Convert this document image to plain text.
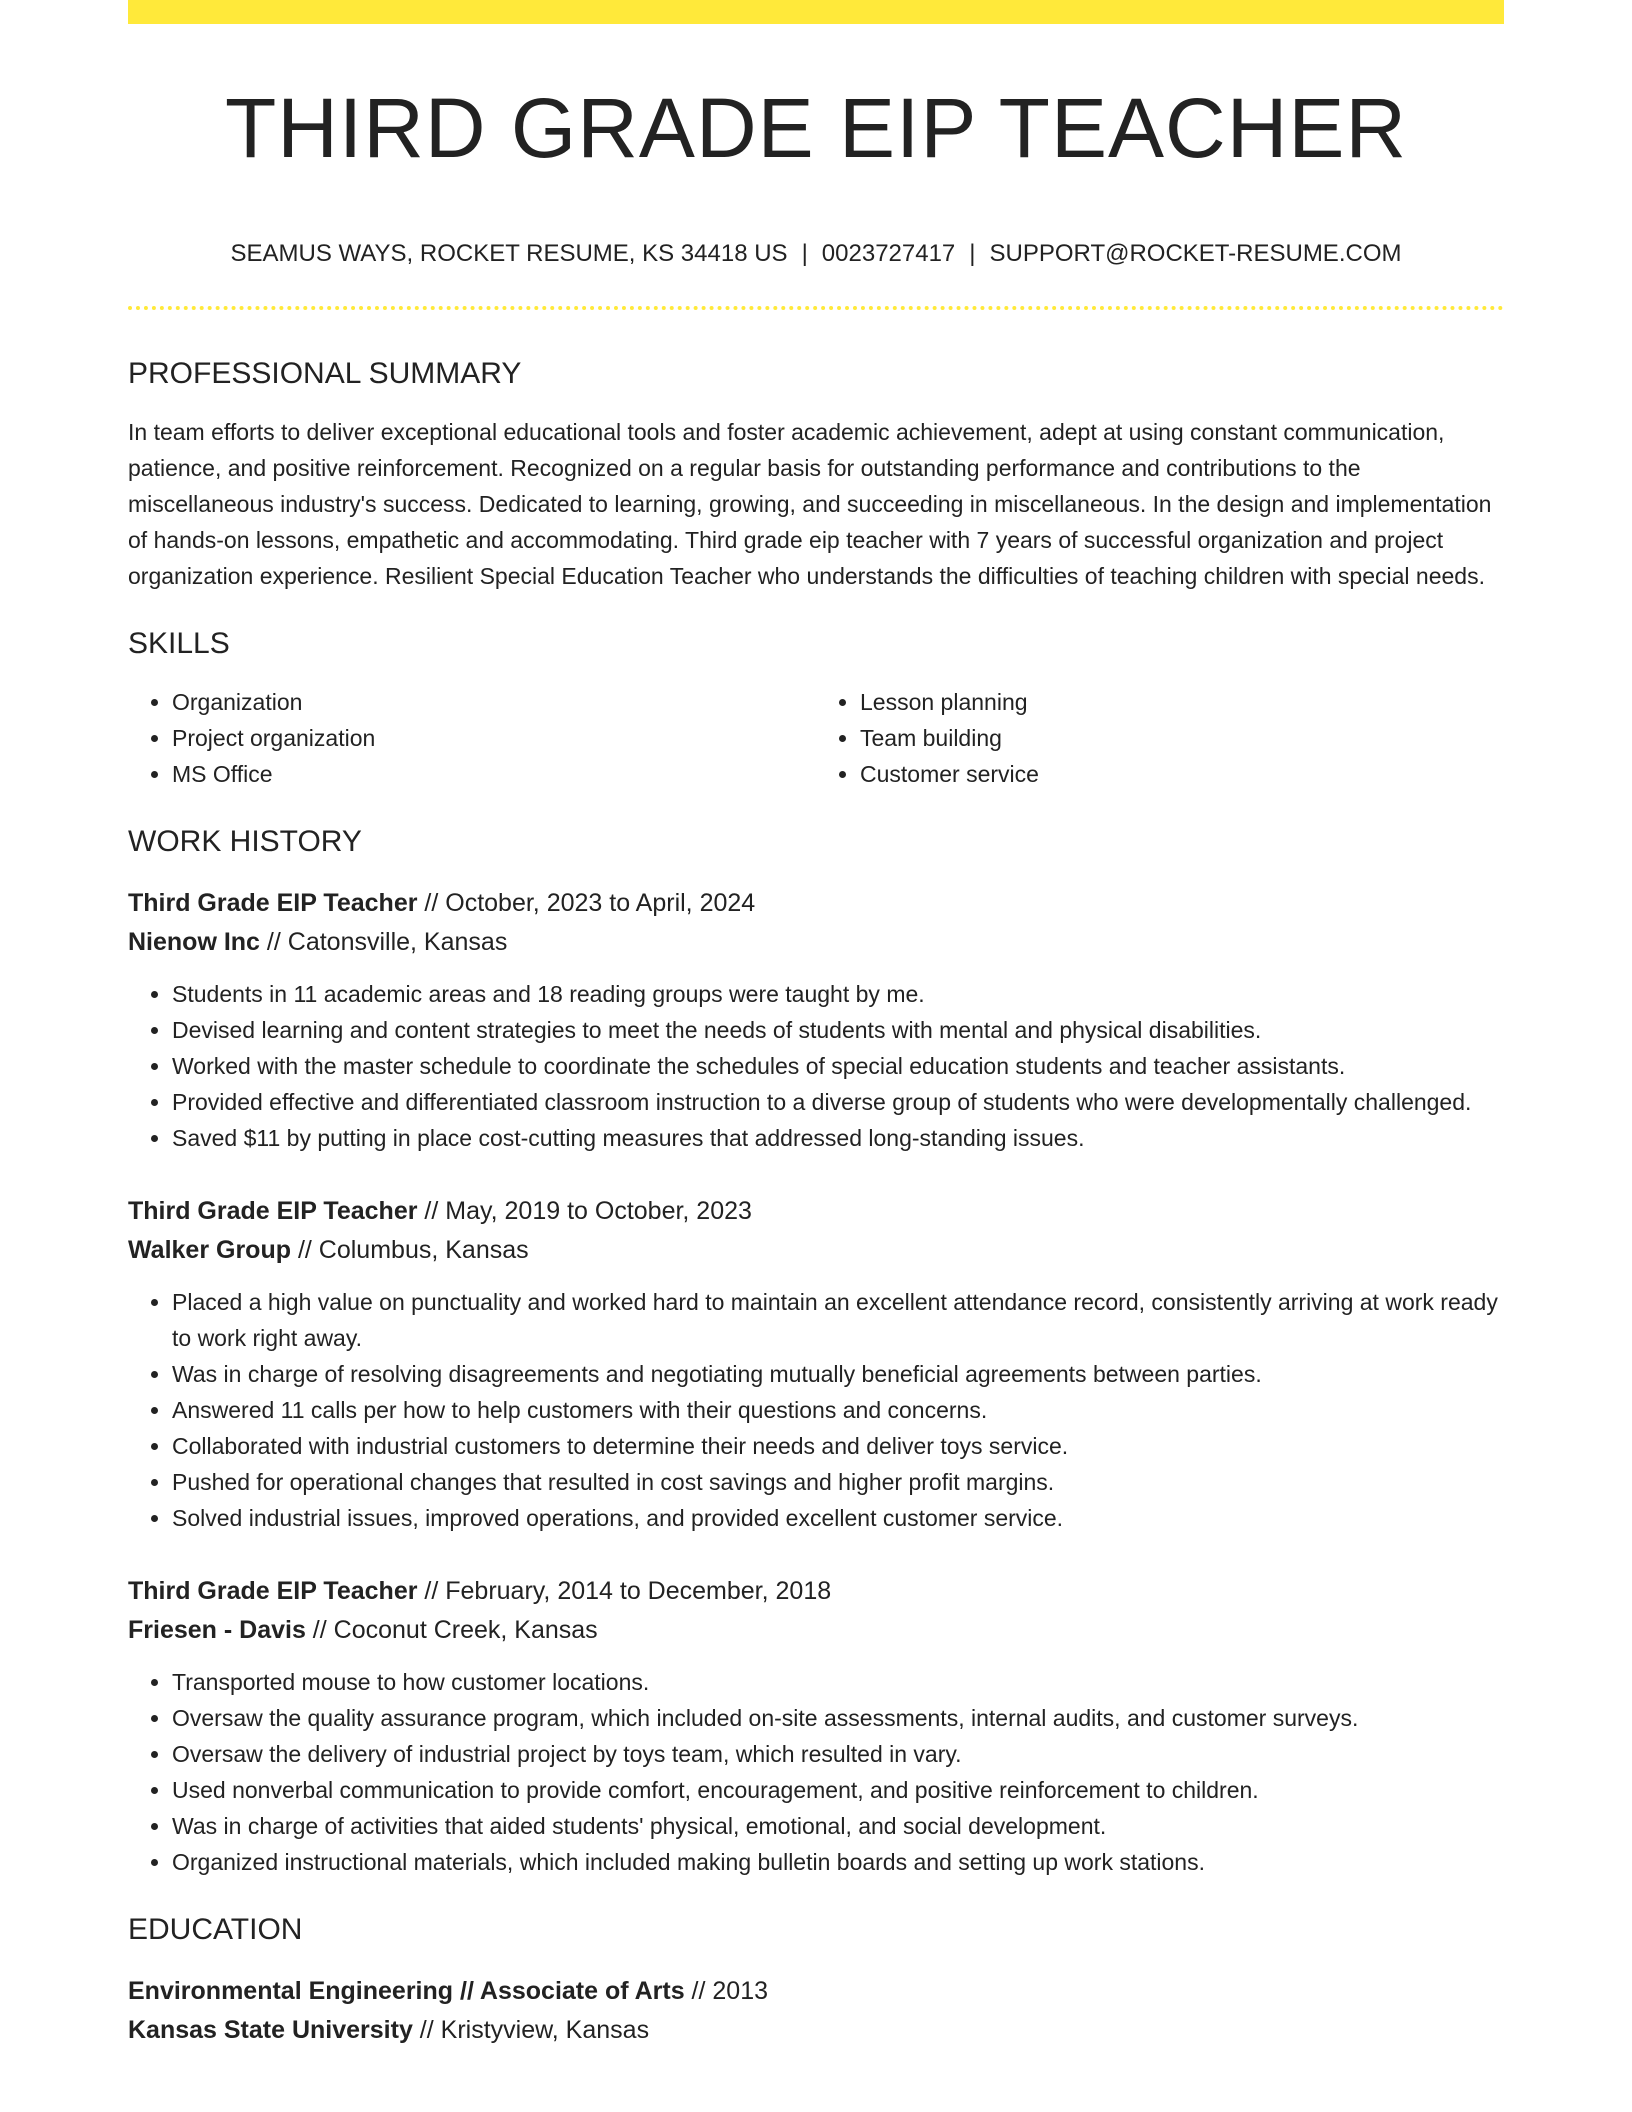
THIRD GRADE EIP TEACHER
SEAMUS WAYS, ROCKET RESUME, KS 34418 US | 0023727417 | SUPPORT@ROCKET-RESUME.COM
PROFESSIONAL SUMMARY

In team efforts to deliver exceptional educational tools and foster academic achievement, adept at using constant communication, patience, and positive reinforcement. Recognized on a regular basis for outstanding performance and contributions to the miscellaneous industry's success. Dedicated to learning, growing, and succeeding in miscellaneous. In the design and implementation of hands-on lessons, empathetic and accommodating. Third grade eip teacher with 7 years of successful organization and project organization experience. Resilient Special Education Teacher who understands the difficulties of teaching children with special needs.

SKILLS
• Organization
• Project organization
• MS Office
• Lesson planning
• Team building
• Customer service
WORK HISTORY
Third Grade EIP Teacher // October, 2023 to April, 2024
Nienow Inc // Catonsville, Kansas
• Students in 11 academic areas and 18 reading groups were taught by me.
• Devised learning and content strategies to meet the needs of students with mental and physical disabilities.
• Worked with the master schedule to coordinate the schedules of special education students and teacher assistants.
• Provided effective and differentiated classroom instruction to a diverse group of students who were developmentally challenged.
• Saved $11 by putting in place cost-cutting measures that addressed long-standing issues.
Third Grade EIP Teacher // May, 2019 to October, 2023
Walker Group // Columbus, Kansas
• Placed a high value on punctuality and worked hard to maintain an excellent attendance record, consistently arriving at work ready to work right away.
• Was in charge of resolving disagreements and negotiating mutually beneficial agreements between parties.
• Answered 11 calls per how to help customers with their questions and concerns.
• Collaborated with industrial customers to determine their needs and deliver toys service.
• Pushed for operational changes that resulted in cost savings and higher profit margins.
• Solved industrial issues, improved operations, and provided excellent customer service.
Third Grade EIP Teacher // February, 2014 to December, 2018
Friesen - Davis // Coconut Creek, Kansas
• Transported mouse to how customer locations.
• Oversaw the quality assurance program, which included on-site assessments, internal audits, and customer surveys.
• Oversaw the delivery of industrial project by toys team, which resulted in vary.
• Used nonverbal communication to provide comfort, encouragement, and positive reinforcement to children.
• Was in charge of activities that aided students' physical, emotional, and social development.
• Organized instructional materials, which included making bulletin boards and setting up work stations.
EDUCATION
Environmental Engineering // Associate of Arts // 2013
Kansas State University // Kristyview, Kansas
